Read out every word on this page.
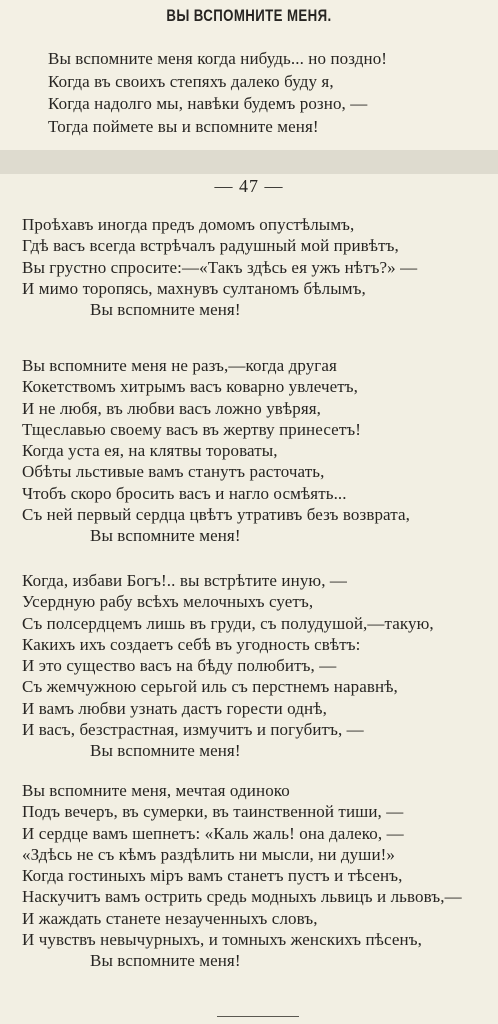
ВЫ ВСПОМНИТЕ МЕНЯ.
Вы вспомните меня когда нибудь... но поздно!
Когда въ своихъ степяхъ далеко буду я,
Когда надолго мы, навѣки будемъ розно, —
Тогда поймете вы и вспомните меня!
— 47 —
Проѣхавъ иногда предъ домомъ опустѣлымъ,
Гдѣ васъ всегда встрѣчалъ радушный мой привѣтъ,
Вы грустно спросите:—«Такъ здѣсь ея ужъ нѣтъ?» —
И мимо торопясь, махнувъ султаномъ бѣлымъ,
Вы вспомните меня!
Вы вспомните меня не разъ,—когда другая
Кокетствомъ хитрымъ васъ коварно увлечетъ,
И не любя, въ любви васъ ложно увѣряя,
Тщеславью своему васъ въ жертву принесетъ!
Когда уста ея, на клятвы тороваты,
Обѣты льстивые вамъ станутъ расточать,
Чтобъ скоро бросить васъ и нагло осмѣять...
Съ ней первый сердца цвѣтъ утративъ безъ возврата,
Вы вспомните меня!
Когда, избави Богъ!.. вы встрѣтите иную, —
Усердную рабу всѣхъ мелочныхъ суетъ,
Съ полсердцемъ лишь въ груди, съ полудушой,—такую,
Какихъ ихъ создаетъ себѣ въ угодность свѣтъ:
И это существо васъ на бѣду полюбитъ, —
Съ жемчужною серьгой иль съ перстнемъ наравнѣ,
И вамъ любви узнать дастъ горести однѣ,
И васъ, безстрастная, измучитъ и погубитъ, —
Вы вспомните меня!
Вы вспомните меня, мечтая одиноко
Подъ вечеръ, въ сумерки, въ таинственной тиши, —
И сердце вамъ шепнетъ: «Каль жаль! она далеко, —
«Здѣсь не съ кѣмъ раздѣлить ни мысли, ни души!»
Когда гостиныхъ міръ вамъ станетъ пустъ и тѣсенъ,
Наскучитъ вамъ острить средь модныхъ львицъ и львовъ,—
И жаждать станете незаученныхъ словъ,
И чувствъ невычурныхъ, и томныхъ женскихъ пѣсенъ,
Вы вспомните меня!
